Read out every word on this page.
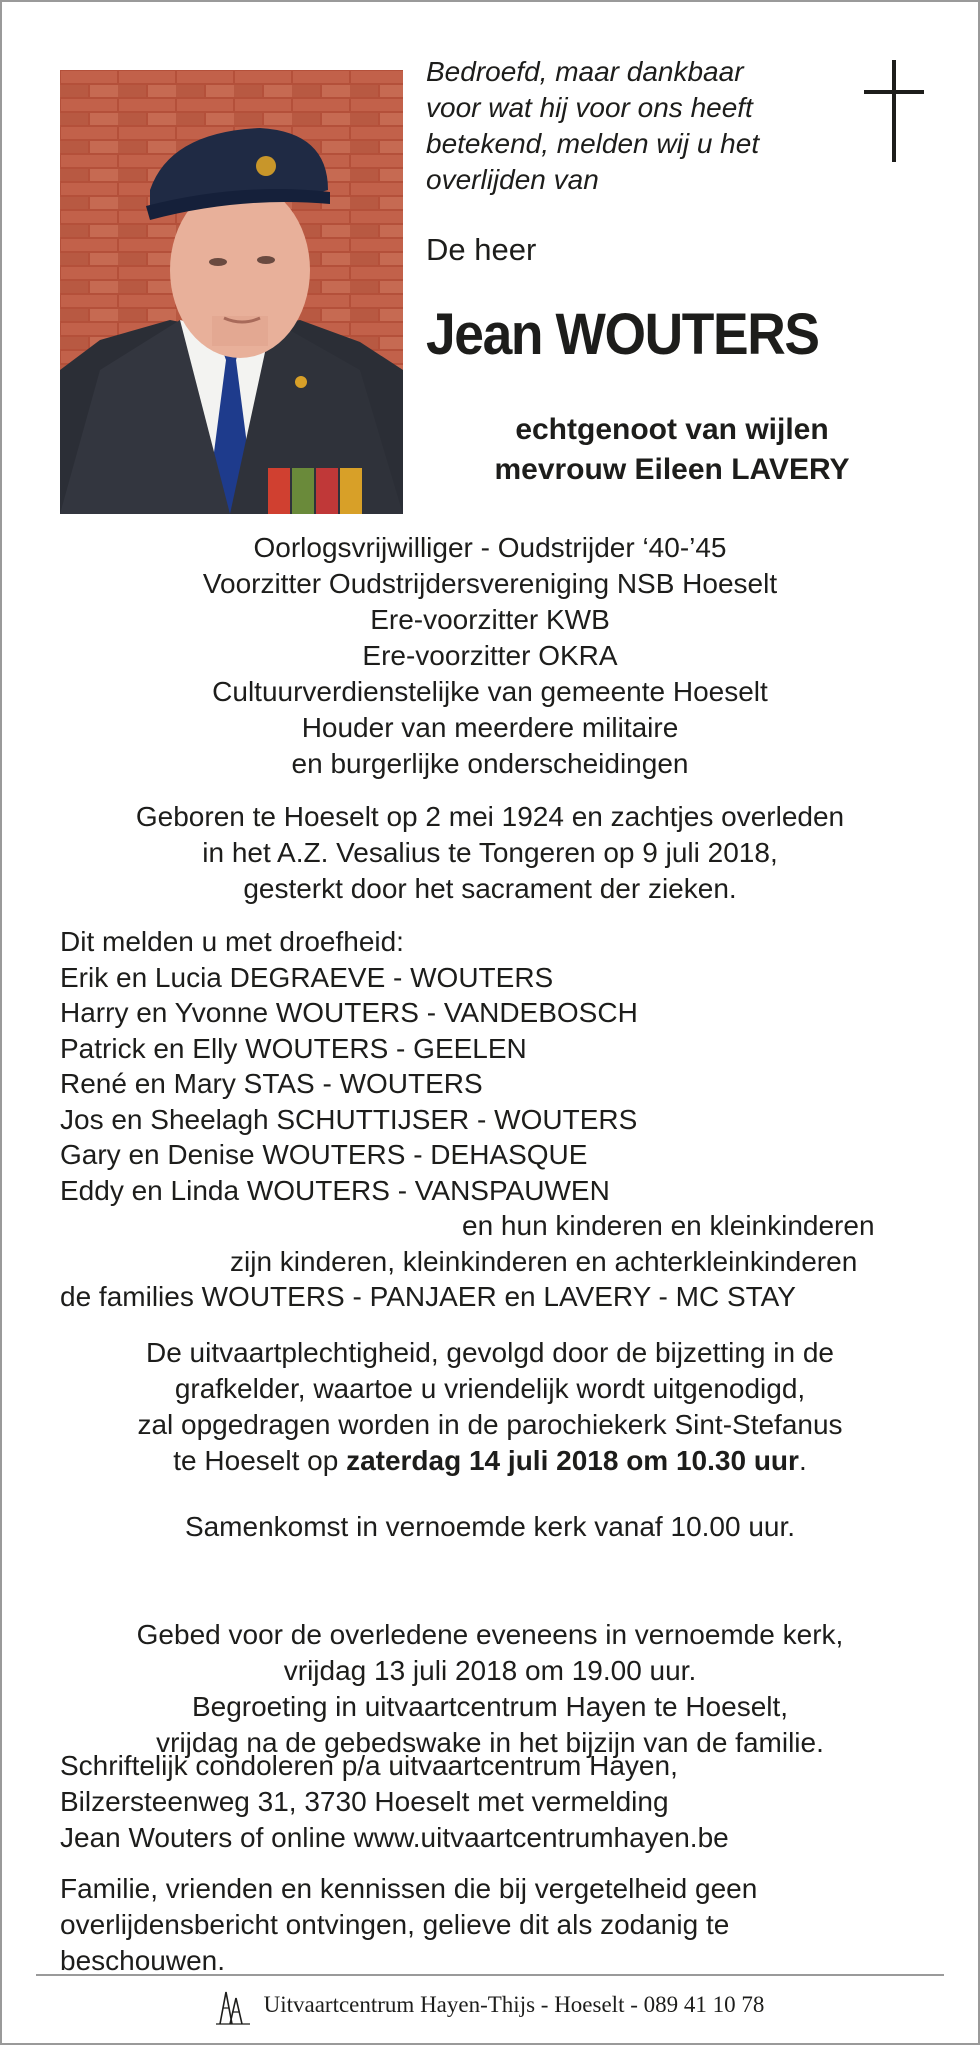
Bedroefd, maar dankbaar
voor wat hij voor ons heeft
betekend, melden wij u het
overlijden van
De heer
Jean WOUTERS
echtgenoot van wijlen
mevrouw Eileen LAVERY
Oorlogsvrijwilliger - Oudstrijder ‘40-’45
Voorzitter Oudstrijdersvereniging NSB Hoeselt
Ere-voorzitter KWB
Ere-voorzitter OKRA
Cultuurverdienstelijke van gemeente Hoeselt
Houder van meerdere militaire
en burgerlijke onderscheidingen
Geboren te Hoeselt op 2 mei 1924 en zachtjes overleden
in het A.Z. Vesalius te Tongeren op 9 juli 2018,
gesterkt door het sacrament der zieken.
Dit melden u met droefheid:
Erik en Lucia DEGRAEVE - WOUTERS
Harry en Yvonne WOUTERS - VANDEBOSCH
Patrick en Elly WOUTERS - GEELEN
René en Mary STAS - WOUTERS
Jos en Sheelagh SCHUTTIJSER - WOUTERS
Gary en Denise WOUTERS - DEHASQUE
Eddy en Linda WOUTERS - VANSPAUWEN
en hun kinderen en kleinkinderen
zijn kinderen, kleinkinderen en achterkleinkinderen
de families WOUTERS - PANJAER en LAVERY - MC STAY
De uitvaartplechtigheid, gevolgd door de bijzetting in de
grafkelder, waartoe u vriendelijk wordt uitgenodigd,
zal opgedragen worden in de parochiekerk Sint-Stefanus
te Hoeselt op zaterdag 14 juli 2018 om 10.30 uur.
Samenkomst in vernoemde kerk vanaf 10.00 uur.
Gebed voor de overledene eveneens in vernoemde kerk,
vrijdag 13 juli 2018 om 19.00 uur.
Begroeting in uitvaartcentrum Hayen te Hoeselt,
vrijdag na de gebedswake in het bijzijn van de familie.
Schriftelijk condoleren p/a uitvaartcentrum Hayen,
Bilzersteenweg 31, 3730 Hoeselt met vermelding
Jean Wouters of online www.uitvaartcentrumhayen.be
Familie, vrienden en kennissen die bij vergetelheid geen
overlijdensbericht ontvingen, gelieve dit als zodanig te
beschouwen.
Uitvaartcentrum Hayen-Thijs - Hoeselt - 089 41 10 78
